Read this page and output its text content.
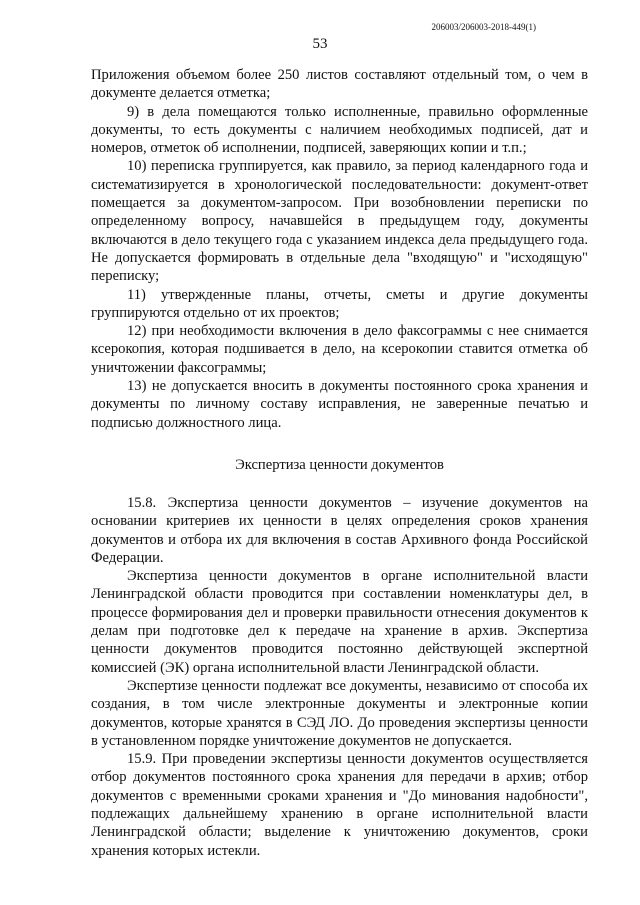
206003/206003-2018-449(1)
53

Приложения объемом более 250 листов составляют отдельный том, о чем в документе делается отметка;

9) в дела помещаются только исполненные, правильно оформленные документы, то есть документы с наличием необходимых подписей, дат и номеров, отметок об исполнении, подписей, заверяющих копии и т.п.;

10) переписка группируется, как правило, за период календарного года и систематизируется в хронологической последовательности: документ-ответ помещается за документом-запросом. При возобновлении переписки по определенному вопросу, начавшейся в предыдущем году, документы включаются в дело текущего года с указанием индекса дела предыдущего года. Не допускается формировать в отдельные дела "входящую" и "исходящую" переписку;

11) утвержденные планы, отчеты, сметы и другие документы группируются отдельно от их проектов;

12) при необходимости включения в дело факсограммы с нее снимается ксерокопия, которая подшивается в дело, на ксерокопии ставится отметка об уничтожении факсограммы;

13) не допускается вносить в документы постоянного срока хранения и документы по личному составу исправления, не заверенные печатью и подписью должностного лица.

Экспертиза ценности документов

15.8. Экспертиза ценности документов – изучение документов на основании критериев их ценности в целях определения сроков хранения документов и отбора их для включения в состав Архивного фонда Российской Федерации.

Экспертиза ценности документов в органе исполнительной власти Ленинградской области проводится при составлении номенклатуры дел, в процессе формирования дел и проверки правильности отнесения документов к делам при подготовке дел к передаче на хранение в архив. Экспертиза ценности документов проводится постоянно действующей экспертной комиссией (ЭК) органа исполнительной власти Ленинградской области.

Экспертизе ценности подлежат все документы, независимо от способа их создания, в том числе электронные документы и электронные копии документов, которые хранятся в СЭД ЛО. До проведения экспертизы ценности в установленном порядке уничтожение документов не допускается.

15.9. При проведении экспертизы ценности документов осуществляется отбор документов постоянного срока хранения для передачи в архив; отбор документов с временными сроками хранения и "До минования надобности", подлежащих дальнейшему хранению в органе исполнительной власти Ленинградской области; выделение к уничтожению документов, сроки хранения которых истекли.
